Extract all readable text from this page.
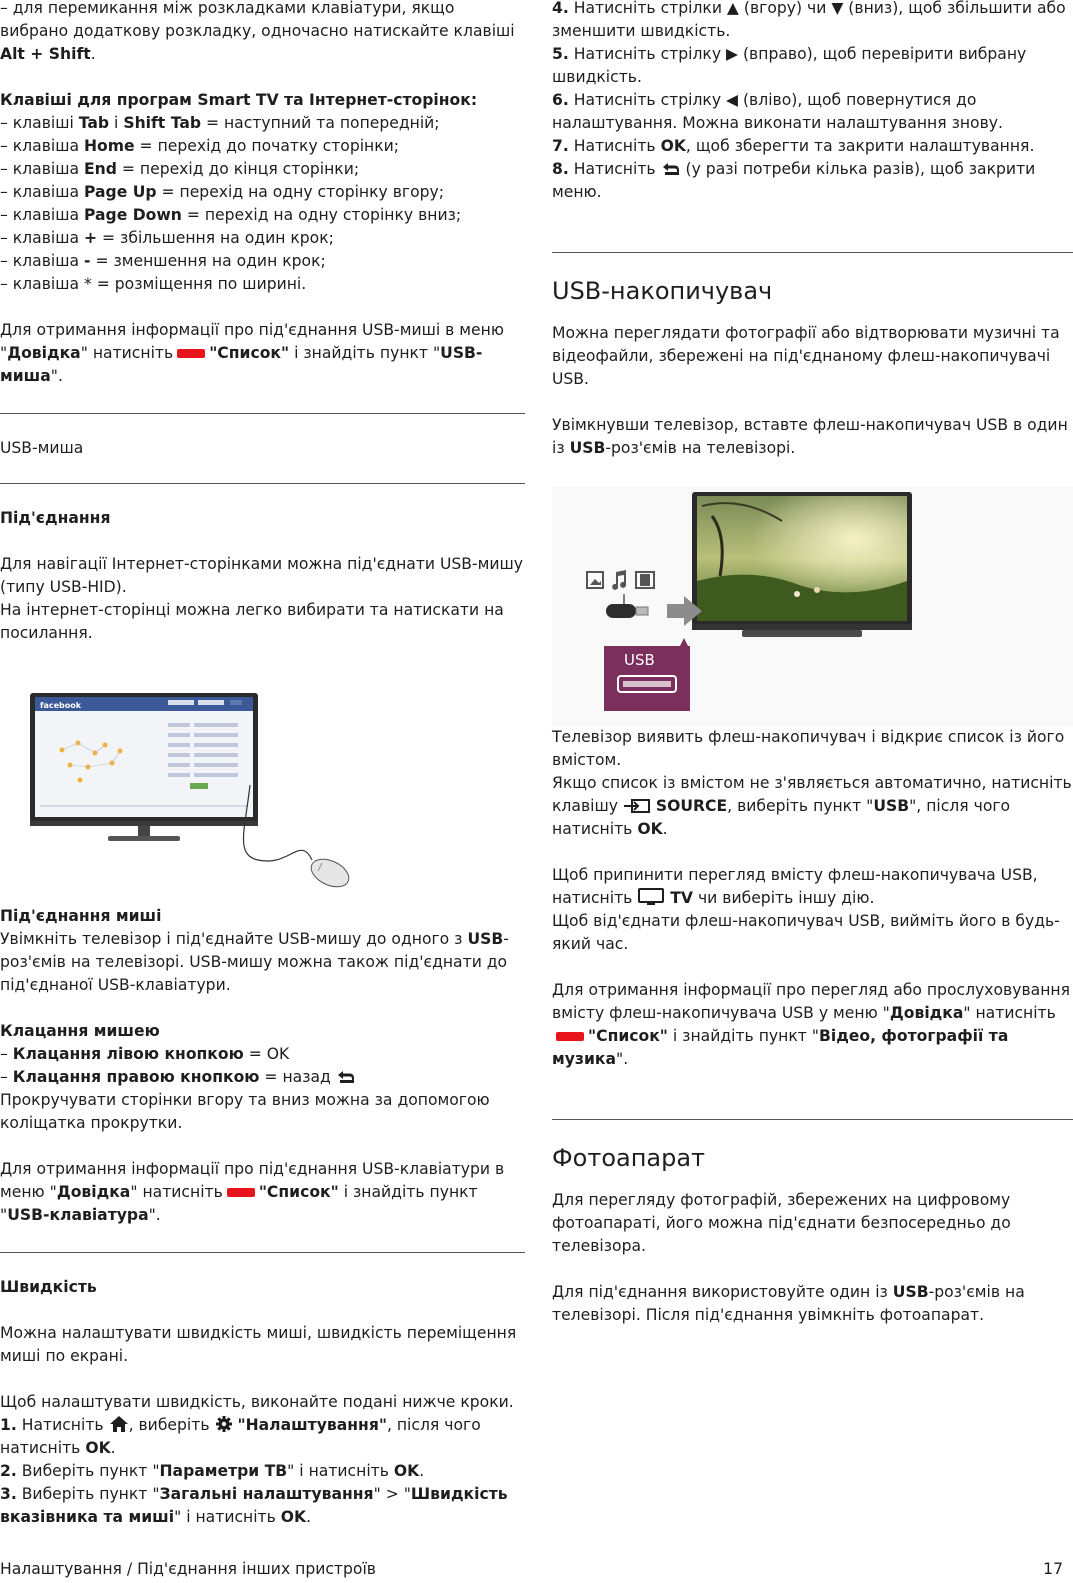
– для перемикання між розкладками клавіатури, якщо вибрано додаткову розкладку, одночасно натискайте клавіші Alt + Shift.

Клавіші для програм Smart TV та Інтернет-сторінок:

– клавіші Tab і Shift Tab = наступний та попередній;

– клавіша Home = перехід до початку сторінки;

– клавіша End = перехід до кінця сторінки;

– клавіша Page Up = перехід на одну сторінку вгору;

– клавіша Page Down = перехід на одну сторінку вниз;

– клавіша + = збільшення на один крок;

– клавіша - = зменшення на один крок;

– клавіша * = розміщення по ширині.

Для отримання інформації про під'єднання USB-миші в меню "Довідка" натисніть "Список" і знайдіть пункт "USB-миша".

USB-миша

Під'єднання

Для навігації Інтернет-сторінками можна під'єднати USB-мишу (типу USB-HID).

На інтернет-сторінці можна легко вибирати та натискати на посилання.

facebook

Під'єднання миші

Увімкніть телевізор і під'єднайте USB-мишу до одного з USB-роз'ємів на телевізорі. USB-мишу можна також під'єднати до під'єднаної USB-клавіатури.

Клацання мишею

– Клацання лівою кнопкою = OK

– Клацання правою кнопкою = назад

Прокручувати сторінки вгору та вниз можна за допомогою коліщатка прокрутки.

Для отримання інформації про під'єднання USB-клавіатури в меню "Довідка" натисніть "Список" і знайдіть пункт "USB-клавіатура".

Швидкість

Можна налаштувати швидкість миші, швидкість переміщення миші по екрані.

Щоб налаштувати швидкість, виконайте подані нижче кроки.

1. Натисніть , виберіть  "Налаштування", після чого натисніть OK.

2. Виберіть пункт "Параметри ТВ" і натисніть OK.

3. Виберіть пункт "Загальні налаштування" > "Швидкість вказівника та миші" і натисніть OK.

4. Натисніть стрілки ▲ (вгору) чи ▼ (вниз), щоб збільшити або зменшити швидкість.

5. Натисніть стрілку ▶ (вправо), щоб перевірити вибрану швидкість.

6. Натисніть стрілку ◀ (вліво), щоб повернутися до налаштування. Можна виконати налаштування знову.

7. Натисніть OK, щоб зберегти та закрити налаштування.

8. Натисніть  (у разі потреби кілька разів), щоб закрити меню.

USB-накопичувач

Можна переглядати фотографії або відтворювати музичні та відеофайли, збережені на під'єднаному флеш-накопичувачі USB.

Увімкнувши телевізор, вставте флеш-накопичувач USB в один із USB-роз'ємів на телевізорі.

USB

Телевізор виявить флеш-накопичувач і відкриє список із його вмістом.

Якщо список із вмістом не з'являється автоматично, натисніть клавішу  SOURCE, виберіть пункт "USB", після чого натисніть OK.

Щоб припинити перегляд вмісту флеш-накопичувача USB, натисніть  TV чи виберіть іншу дію.

Щоб від'єднати флеш-накопичувач USB, вийміть його в будь-який час.

Для отримання інформації про перегляд або прослуховування вмісту флеш-накопичувача USB у меню "Довідка" натисніть"Список" і знайдіть пункт "Відео, фотографії та музика".

Фотоапарат

Для перегляду фотографій, збережених на цифровому фотоапараті, його можна під'єднати безпосередньо до телевізора.

Для під'єднання використовуйте один із USB-роз'ємів на телевізорі. Після під'єднання увімкніть фотоапарат.

Налаштування / Під'єднання інших пристроїв	17
